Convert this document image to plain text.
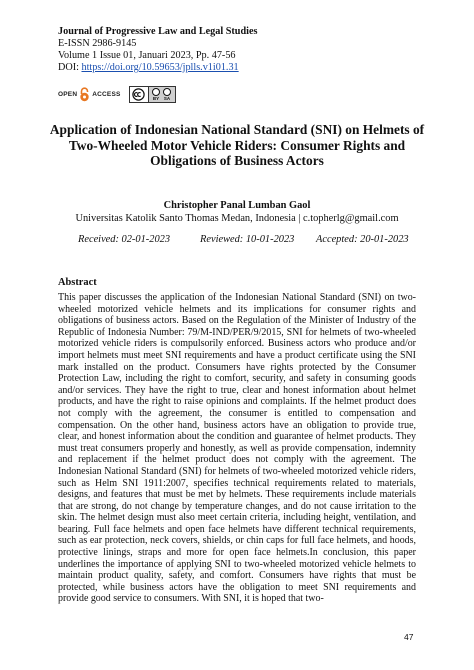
Journal of Progressive Law and Legal Studies
E-ISSN 2986-9145
Volume 1 Issue 01, Januari 2023, Pp. 47-56
DOI: https://doi.org/10.59653/jplls.v1i01.31
OPEN ACCESS
BY SA
Application of Indonesian National Standard (SNI) on Helmets of
Two-Wheeled Motor Vehicle Riders: Consumer Rights and
Obligations of Business Actors
Christopher Panal Lumban Gaol
Universitas Katolik Santo Thomas Medan, Indonesia | c.topherlg@gmail.com
Received: 02-01-2023	Reviewed: 10-01-2023	Accepted: 20-01-2023
Abstract
This paper discusses the application of the Indonesian National Standard (SNI) on two-wheeled motorized vehicle helmets and its implications for consumer rights and obligations of business actors. Based on the Regulation of the Minister of Industry of the Republic of Indonesia Number: 79/M-IND/PER/9/2015, SNI for helmets of two-wheeled motorized vehicle riders is compulsorily enforced. Business actors who produce and/or import helmets must meet SNI requirements and have a product certificate using the SNI mark installed on the product. Consumers have rights protected by the Consumer Protection Law, including the right to comfort, security, and safety in consuming goods and/or services. They have the right to true, clear and honest information about helmet products, and have the right to raise opinions and complaints. If the helmet product does not comply with the agreement, the consumer is entitled to compensation and compensation. On the other hand, business actors have an obligation to provide true, clear, and honest information about the condition and guarantee of helmet products. They must treat consumers properly and honestly, as well as provide compensation, indemnity and replacement if the helmet product does not comply with the agreement. The Indonesian National Standard (SNI) for helmets of two-wheeled motorized vehicle riders, such as Helm SNI 1911:2007, specifies technical requirements related to materials, designs, and features that must be met by helmets. These requirements include materials that are strong, do not change by temperature changes, and do not cause irritation to the skin. The helmet design must also meet certain criteria, including height, ventilation, and bearing. Full face helmets and open face helmets have different technical requirements, such as ear protection, neck covers, shields, or chin caps for full face helmets, and hoods, protective linings, straps and more for open face helmets.In conclusion, this paper underlines the importance of applying SNI to two-wheeled motorized vehicle helmets to maintain product quality, safety, and comfort. Consumers have rights that must be protected, while business actors have the obligation to meet SNI requirements and provide good service to consumers. With SNI, it is hoped that two-
47
